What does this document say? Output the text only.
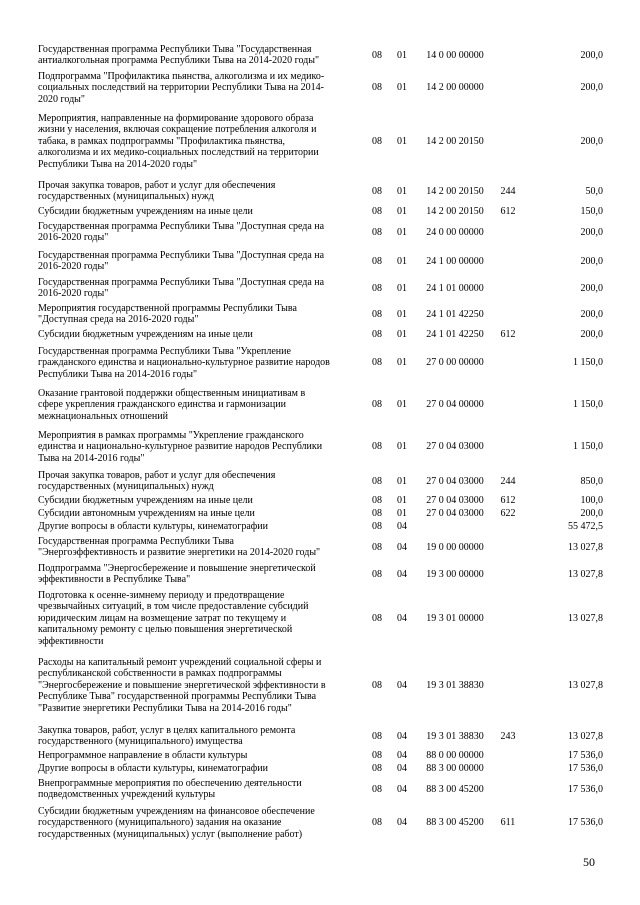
Государственная программа Республики Тыва "Государственная
антиалкогольная программа Республики Тыва на 2014-2020 годы"
08	01	14 0 00 00000	200,0
Подпрограмма "Профилактика пьянства, алкоголизма и их медико-
социальных последствий на территории Республики Тыва на 2014-
2020 годы"
08	01	14 2 00 00000	200,0
Мероприятия, направленные на формирование здорового образа
жизни у населения, включая сокращение потребления алкоголя и
табака, в рамках подпрограммы "Профилактика пьянства,
алкоголизма и их медико-социальных последствий на территории
Республики Тыва на 2014-2020 годы"
08	01	14 2 00 20150	200,0
Прочая закупка товаров, работ и услуг для обеспечения
государственных (муниципальных) нужд
08	01	14 2 00 20150	244	50,0
Субсидии бюджетным учреждениям на иные цели	08	01	14 2 00 20150	612	150,0
Государственная программа Республики Тыва "Доступная среда на
2016-2020 годы"
08	01	24 0 00 00000	200,0
Государственная программа Республики Тыва "Доступная среда на
2016-2020 годы"
08	01	24 1 00 00000	200,0
Государственная программа Республики Тыва "Доступная среда на
2016-2020 годы"
08	01	24 1 01 00000	200,0
Мероприятия государственной программы Республики Тыва
"Доступная среда на 2016-2020 годы"
08	01	24 1 01 42250	200,0
Субсидии бюджетным учреждениям на иные цели	08	01	24 1 01 42250	612	200,0
Государственная программа Республики Тыва "Укрепление
гражданского единства и национально-культурное развитие народов
Республики Тыва на 2014-2016 годы"
08	01	27 0 00 00000	1 150,0
Оказание грантовой поддержки общественным инициативам в
сфере укрепления гражданского единства и гармонизации
межнациональных отношений
08	01	27 0 04 00000	1 150,0
Мероприятия в рамках программы "Укрепление гражданского
единства и национально-культурное развитие народов Республики
Тыва на 2014-2016 годы"
08	01	27 0 04 03000	1 150,0
Прочая закупка товаров, работ и услуг для обеспечения
государственных (муниципальных) нужд
08	01	27 0 04 03000	244	850,0
Субсидии бюджетным учреждениям на иные цели	08	01	27 0 04 03000	612	100,0
Субсидии автономным учреждениям на иные цели	08	01	27 0 04 03000	622	200,0
Другие вопросы в области культуры, кинематографии	08	04	55 472,5
Государственная программа Республики Тыва
"Энергоэффективность и развитие энергетики на 2014-2020 годы"
08	04	19 0 00 00000	13 027,8
Подпрограмма "Энергосбережение и повышение энергетической
эффективности в Республике Тыва"
08	04	19 3 00 00000	13 027,8
Подготовка к осенне-зимнему периоду и предотвращение
чрезвычайных ситуаций, в том числе предоставление субсидий
юридическим лицам на возмещение затрат по текущему и
капитальному ремонту с целью повышения энергетической
эффективности
08	04	19 3 01 00000	13 027,8
Расходы на капитальный ремонт учреждений социальной сферы и
республиканской собственности в рамках подпрограммы
"Энергосбережение и повышение энергетической эффективности в
Республике Тыва" государственной программы Республики Тыва
"Развитие энергетики Республики Тыва на 2014-2016 годы"
08	04	19 3 01 38830	13 027,8
Закупка товаров, работ, услуг в целях капитального ремонта
государственного (муниципального) имущества
08	04	19 3 01 38830	243	13 027,8
Непрограммное направление в области культуры	08	04	88 0 00 00000	17 536,0
Другие вопросы в области культуры, кинематографии	08	04	88 3 00 00000	17 536,0
Внепрограммные мероприятия по обеспечению деятельности
подведомственных учреждений культуры
08	04	88 3 00 45200	17 536,0
Субсидии бюджетным учреждениям на финансовое обеспечение
государственного (муниципального) задания на оказание
государственных (муниципальных) услуг (выполнение работ)
08	04	88 3 00 45200	611	17 536,0
50
